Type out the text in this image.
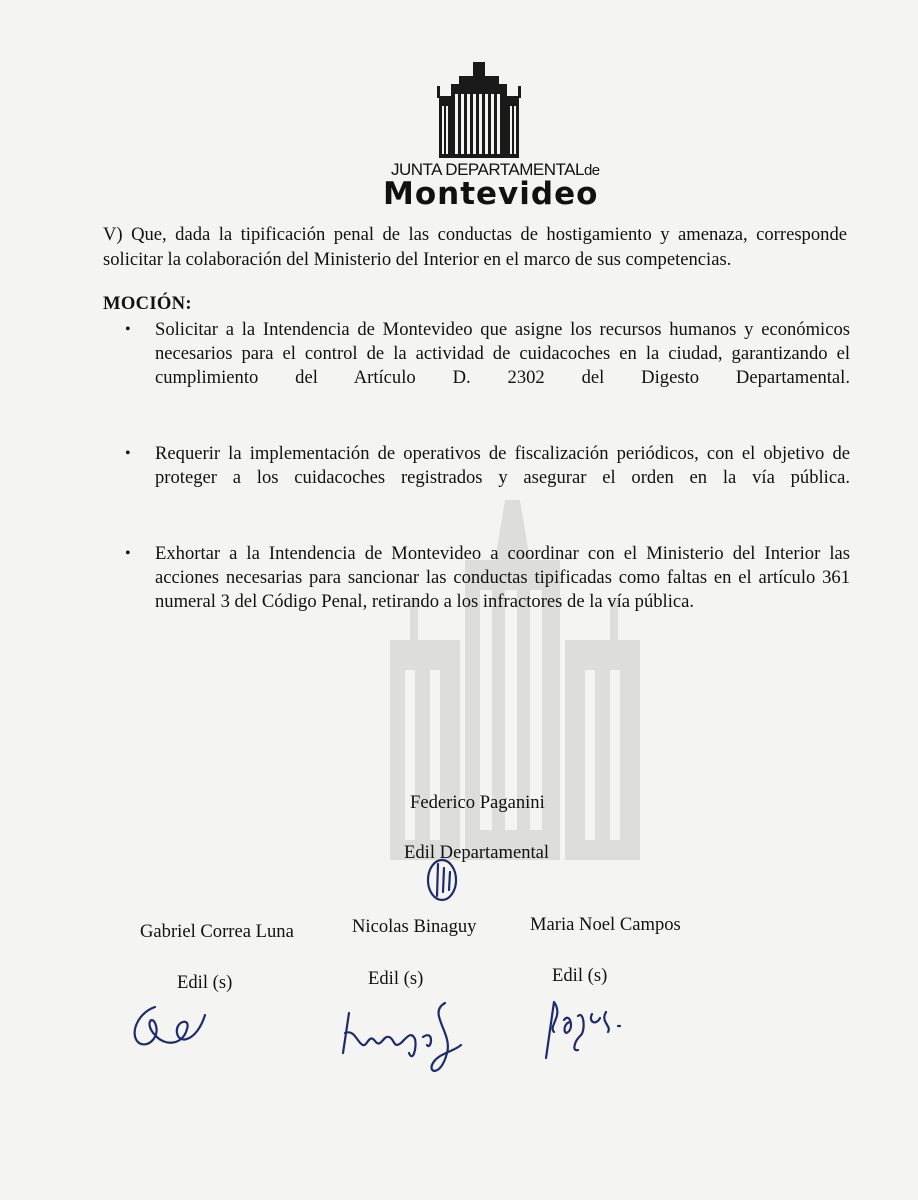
JUNTA DEPARTAMENTALde
Montevideo
V) Que, dada la tipificación penal de las conductas de hostigamiento y amenaza, corresponde solicitar la colaboración del Ministerio del Interior en el marco de sus competencias.
MOCIÓN:
• Solicitar a la Intendencia de Montevideo que asigne los recursos humanos y económicos necesarios para el control de la actividad de cuidacoches en la ciudad, garantizando el cumplimiento del Artículo D. 2302 del Digesto Departamental.
• Requerir la implementación de operativos de fiscalización periódicos, con el objetivo de proteger a los cuidacoches registrados y asegurar el orden en la vía pública.
• Exhortar a la Intendencia de Montevideo a coordinar con el Ministerio del Interior las acciones necesarias para sancionar las conductas tipificadas como faltas en el artículo 361 numeral 3 del Código Penal, retirando a los infractores de la vía pública.
Federico Paganini
Edil Departamental
Gabriel Correa Luna	Nicolas Binaguy	Maria Noel Campos
Edil (s)	Edil (s)	Edil (s)
